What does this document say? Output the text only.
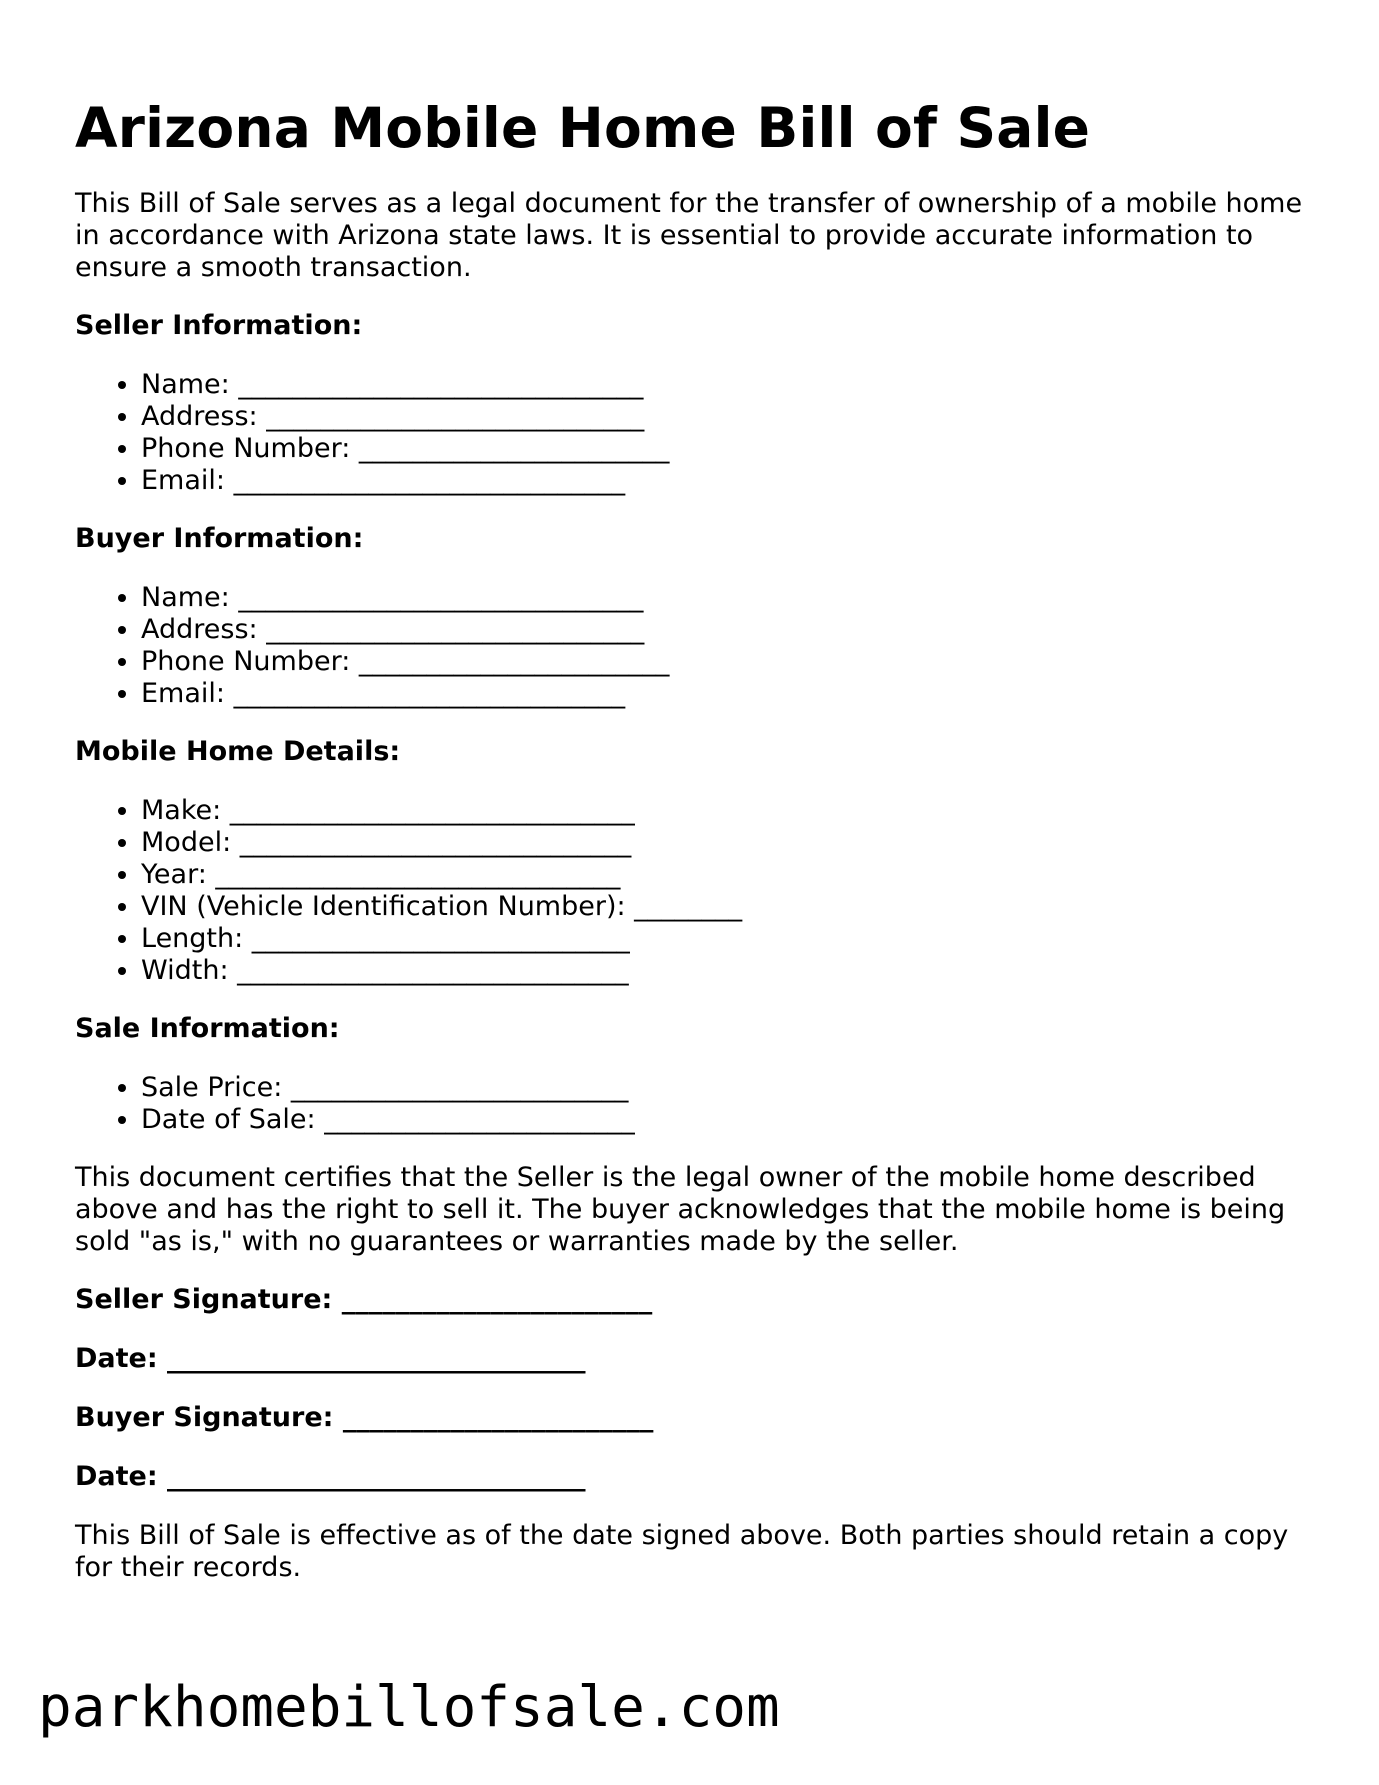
Arizona Mobile Home Bill of Sale

This Bill of Sale serves as a legal document for the transfer of ownership of a mobile home in accordance with Arizona state laws. It is essential to provide accurate information to ensure a smooth transaction.

Seller Information:
• Name: ______________________________
• Address: ____________________________
• Phone Number: _______________________
• Email: _____________________________
Buyer Information:
• Name: ______________________________
• Address: ____________________________
• Phone Number: _______________________
• Email: _____________________________
Mobile Home Details:
• Make: ______________________________
• Model: _____________________________
• Year: ______________________________
• VIN (Vehicle Identification Number): ________
• Length: ____________________________
• Width: _____________________________
Sale Information:
• Sale Price: _________________________
• Date of Sale: _______________________

This document certifies that the Seller is the legal owner of the mobile home described above and has the right to sell it. The buyer acknowledges that the mobile home is being sold "as is," with no guarantees or warranties made by the seller.

Seller Signature: _______________________

Date: _______________________________

Buyer Signature: _______________________

Date: _______________________________

This Bill of Sale is effective as of the date signed above. Both parties should retain a copy for their records.

parkhomebillofsale.com
